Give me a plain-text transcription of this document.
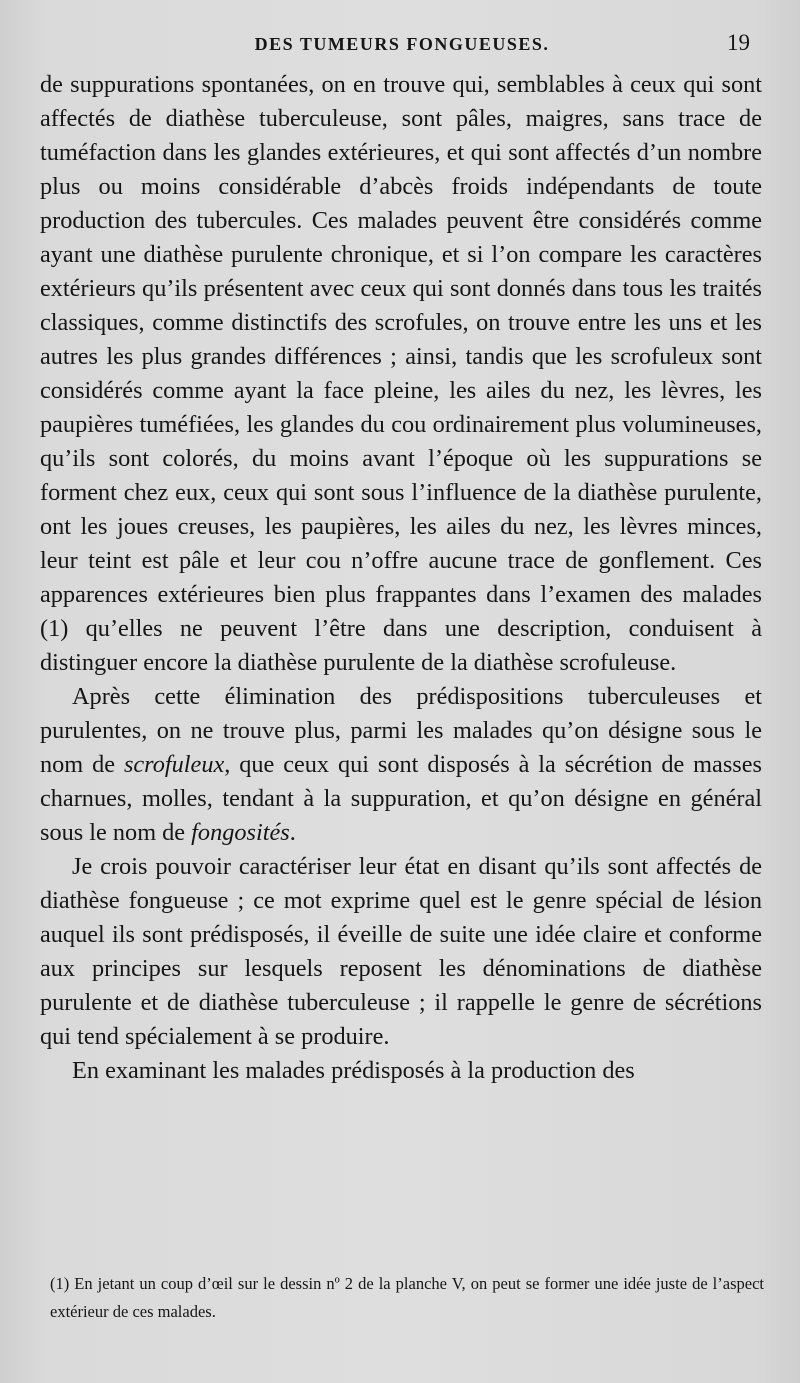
DES TUMEURS FONGUEUSES.	19

de suppurations spontanées, on en trouve qui, semblables à ceux qui sont affectés de diathèse tuberculeuse, sont pâles, maigres, sans trace de tuméfaction dans les glandes extérieures, et qui sont affectés d’un nombre plus ou moins considérable d’abcès froids indépendants de toute production des tubercules. Ces malades peuvent être considérés comme ayant une diathèse purulente chronique, et si l’on compare les caractères extérieurs qu’ils présentent avec ceux qui sont donnés dans tous les traités classiques, comme distinctifs des scrofules, on trouve entre les uns et les autres les plus grandes différences ; ainsi, tandis que les scrofuleux sont considérés comme ayant la face pleine, les ailes du nez, les lèvres, les paupières tuméfiées, les glandes du cou ordinairement plus volumineuses, qu’ils sont colorés, du moins avant l’époque où les suppurations se forment chez eux, ceux qui sont sous l’influence de la diathèse purulente, ont les joues creuses, les paupières, les ailes du nez, les lèvres minces, leur teint est pâle et leur cou n’offre aucune trace de gonflement. Ces apparences extérieures bien plus frappantes dans l’examen des malades (1) qu’elles ne peuvent l’être dans une description, conduisent à distinguer encore la diathèse purulente de la diathèse scrofuleuse.

Après cette élimination des prédispositions tuberculeuses et purulentes, on ne trouve plus, parmi les malades qu’on désigne sous le nom de scrofuleux, que ceux qui sont disposés à la sécrétion de masses charnues, molles, tendant à la suppuration, et qu’on désigne en général sous le nom de fongosités.

Je crois pouvoir caractériser leur état en disant qu’ils sont affectés de diathèse fongueuse ; ce mot exprime quel est le genre spécial de lésion auquel ils sont prédisposés, il éveille de suite une idée claire et conforme aux principes sur lesquels reposent les dénominations de diathèse purulente et de diathèse tuberculeuse ; il rappelle le genre de sécrétions qui tend spécialement à se produire.

En examinant les malades prédisposés à la production des

(1) En jetant un coup d’œil sur le dessin nº 2 de la planche V, on peut se former une idée juste de l’aspect extérieur de ces malades.
